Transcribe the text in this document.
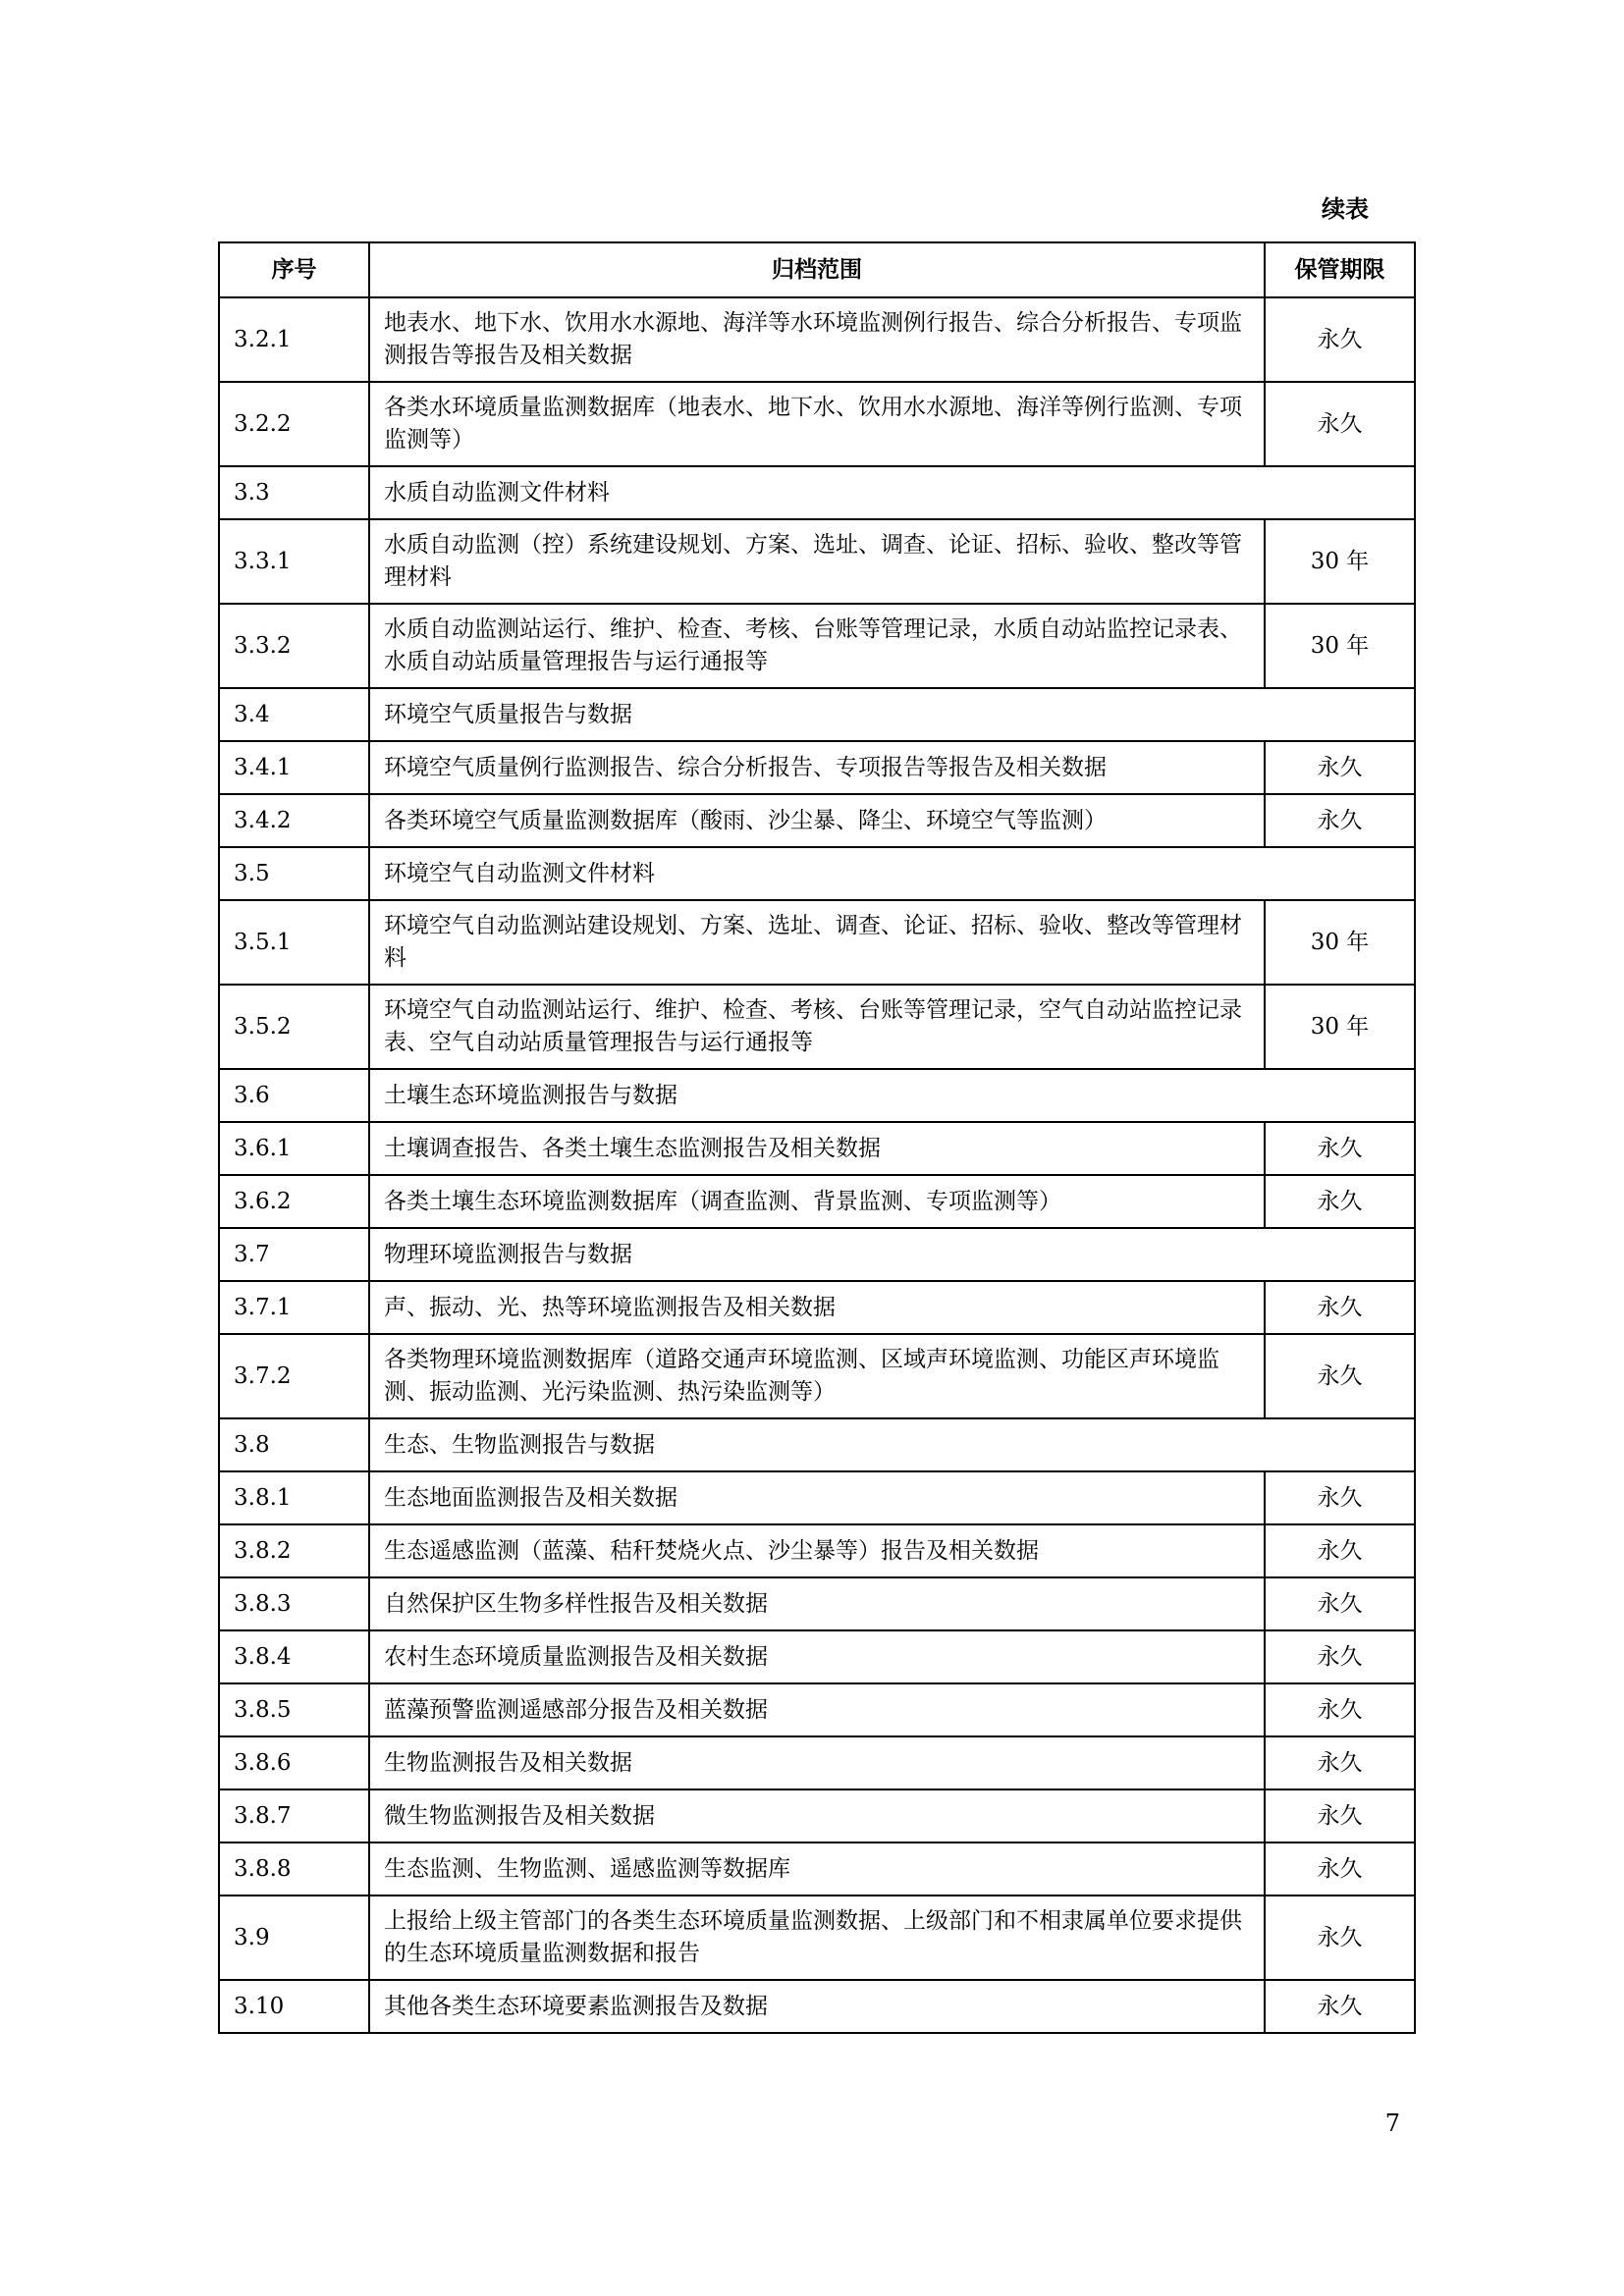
续表
序号	归档范围	保管期限
3.2.1	地表水、地下水、饮用水水源地、海洋等水环境监测例行报告、综合分析报告、专项监测报告等报告及相关数据	永久
3.2.2	各类水环境质量监测数据库（地表水、地下水、饮用水水源地、海洋等例行监测、专项监测等）	永久
3.3	水质自动监测文件材料	
3.3.1	水质自动监测（控）系统建设规划、方案、选址、调查、论证、招标、验收、整改等管理材料	30 年
3.3.2	水质自动监测站运行、维护、检查、考核、台账等管理记录，水质自动站监控记录表、水质自动站质量管理报告与运行通报等	30 年
3.4	环境空气质量报告与数据	
3.4.1	环境空气质量例行监测报告、综合分析报告、专项报告等报告及相关数据	永久
3.4.2	各类环境空气质量监测数据库（酸雨、沙尘暴、降尘、环境空气等监测）	永久
3.5	环境空气自动监测文件材料	
3.5.1	环境空气自动监测站建设规划、方案、选址、调查、论证、招标、验收、整改等管理材料	30 年
3.5.2	环境空气自动监测站运行、维护、检查、考核、台账等管理记录，空气自动站监控记录表、空气自动站质量管理报告与运行通报等	30 年
3.6	土壤生态环境监测报告与数据	
3.6.1	土壤调查报告、各类土壤生态监测报告及相关数据	永久
3.6.2	各类土壤生态环境监测数据库（调查监测、背景监测、专项监测等）	永久
3.7	物理环境监测报告与数据	
3.7.1	声、振动、光、热等环境监测报告及相关数据	永久
3.7.2	各类物理环境监测数据库（道路交通声环境监测、区域声环境监测、功能区声环境监测、振动监测、光污染监测、热污染监测等）	永久
3.8	生态、生物监测报告与数据	
3.8.1	生态地面监测报告及相关数据	永久
3.8.2	生态遥感监测（蓝藻、秸秆焚烧火点、沙尘暴等）报告及相关数据	永久
3.8.3	自然保护区生物多样性报告及相关数据	永久
3.8.4	农村生态环境质量监测报告及相关数据	永久
3.8.5	蓝藻预警监测遥感部分报告及相关数据	永久
3.8.6	生物监测报告及相关数据	永久
3.8.7	微生物监测报告及相关数据	永久
3.8.8	生态监测、生物监测、遥感监测等数据库	永久
3.9	上报给上级主管部门的各类生态环境质量监测数据、上级部门和不相隶属单位要求提供的生态环境质量监测数据和报告	永久
3.10	其他各类生态环境要素监测报告及数据	永久
7
